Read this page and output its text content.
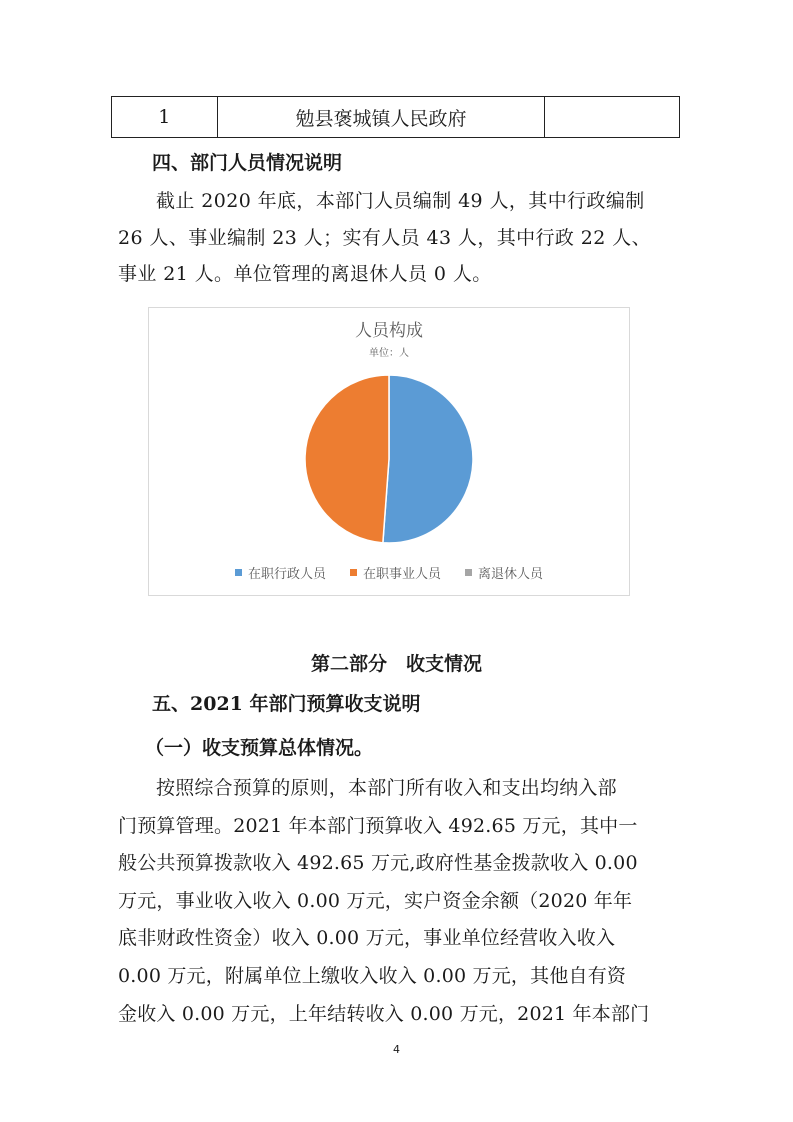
1	勉县褒城镇人民政府	
四、部门人员情况说明
截止 2020 年底，本部门人员编制 49 人，其中行政编制
26 人、事业编制 23 人；实有人员 43 人，其中行政 22 人、
事业 21 人。单位管理的离退休人员 0 人。
人员构成
单位：人
在职行政人员	在职事业人员	离退休人员
第二部分　收支情况
五、2021 年部门预算收支说明
（一）收支预算总体情况。
按照综合预算的原则，本部门所有收入和支出均纳入部
门预算管理。2021 年本部门预算收入 492.65 万元，其中一
般公共预算拨款收入 492.65 万元,政府性基金拨款收入 0.00
万元，事业收入收入 0.00 万元，实户资金余额（2020 年年
底非财政性资金）收入 0.00 万元，事业单位经营收入收入
0.00 万元，附属单位上缴收入收入 0.00 万元，其他自有资
金收入 0.00 万元，上年结转收入 0.00 万元，2021 年本部门
4
